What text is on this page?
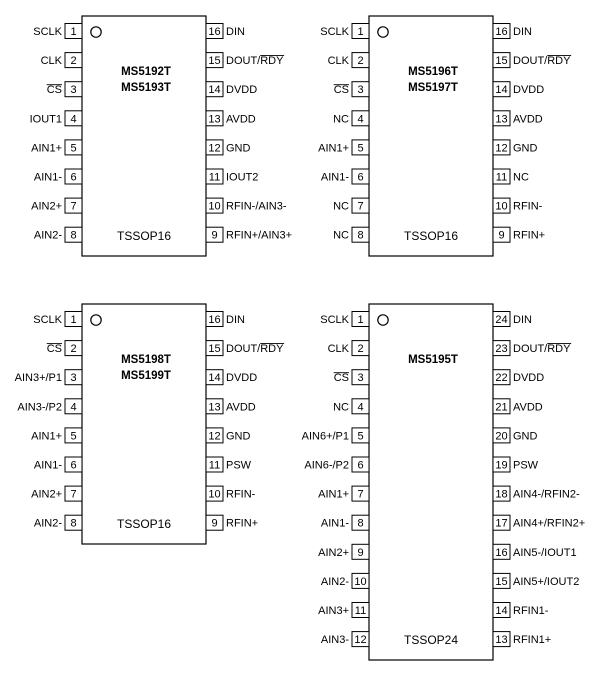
MS5192T
MS5193T
TSSOP16
1
SCLK
2
CLK
3
CS
4
IOUT1
5
AIN1+
6
AIN1-
7
AIN2+
8
AIN2-
16 DIN
15 DOUT/RDY
14 DVDD
13 AVDD
12 GND
11 IOUT2
10 RFIN-/AIN3-
9 RFIN+/AIN3+
MS5196T
MS5197T
TSSOP16
1
SCLK
2
CLK
3
CS
4
NC
5
AIN1+
6
AIN1-
7
NC
8
NC
16 DIN
15 DOUT/RDY
14 DVDD
13 AVDD
12 GND
11 NC
10 RFIN-
9 RFIN+
MS5198T
MS5199T
TSSOP16
1
SCLK
2
CS
3
AIN3+/P1
4
AIN3-/P2
5
AIN1+
6
AIN1-
7
AIN2+
8
AIN2-
16 DIN
15 DOUT/RDY
14 DVDD
13 AVDD
12 GND
11 PSW
10 RFIN-
9 RFIN+
MS5195T
TSSOP24
1
SCLK
2
CLK
3
CS
4
NC
5
AIN6+/P1
6
AIN6-/P2
7
AIN1+
8
AIN1-
9
AIN2+
10
AIN2-
11
AIN3+
12
AIN3-
24 DIN
23 DOUT/RDY
22 DVDD
21 AVDD
20 GND
19 PSW
18 AIN4-/RFIN2-
17 AIN4+/RFIN2+
16 AIN5-/IOUT1
15 AIN5+/IOUT2
14 RFIN1-
13 RFIN1+
